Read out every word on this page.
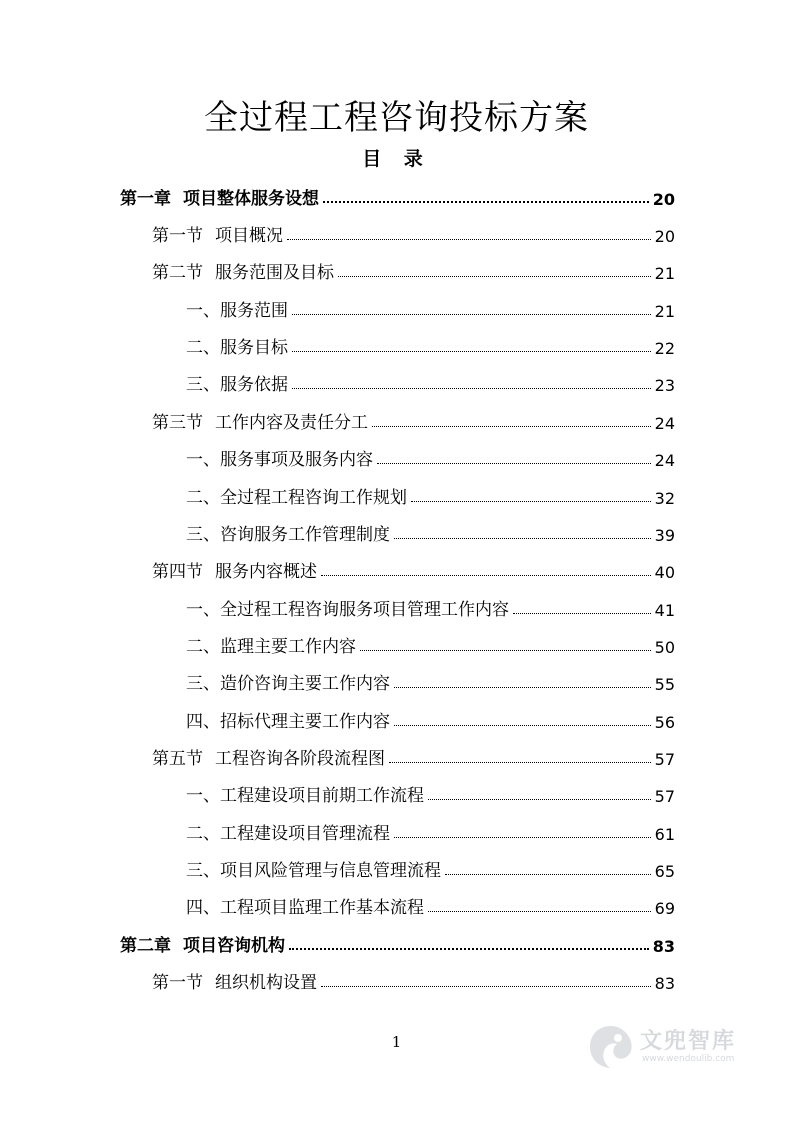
全过程工程咨询投标方案
目 录
第一章 项目整体服务设想	20
第一节 项目概况	20
第二节 服务范围及目标	21
一、服务范围	21
二、服务目标	22
三、服务依据	23
第三节 工作内容及责任分工	24
一、服务事项及服务内容	24
二、全过程工程咨询工作规划	32
三、咨询服务工作管理制度	39
第四节 服务内容概述	40
一、全过程工程咨询服务项目管理工作内容	41
二、监理主要工作内容	50
三、造价咨询主要工作内容	55
四、招标代理主要工作内容	56
第五节 工程咨询各阶段流程图	57
一、工程建设项目前期工作流程	57
二、工程建设项目管理流程	61
三、项目风险管理与信息管理流程	65
四、工程项目监理工作基本流程	69
第二章 项目咨询机构	83
第一节 组织机构设置	83
1	文兜智库
www.wendoulib.com
